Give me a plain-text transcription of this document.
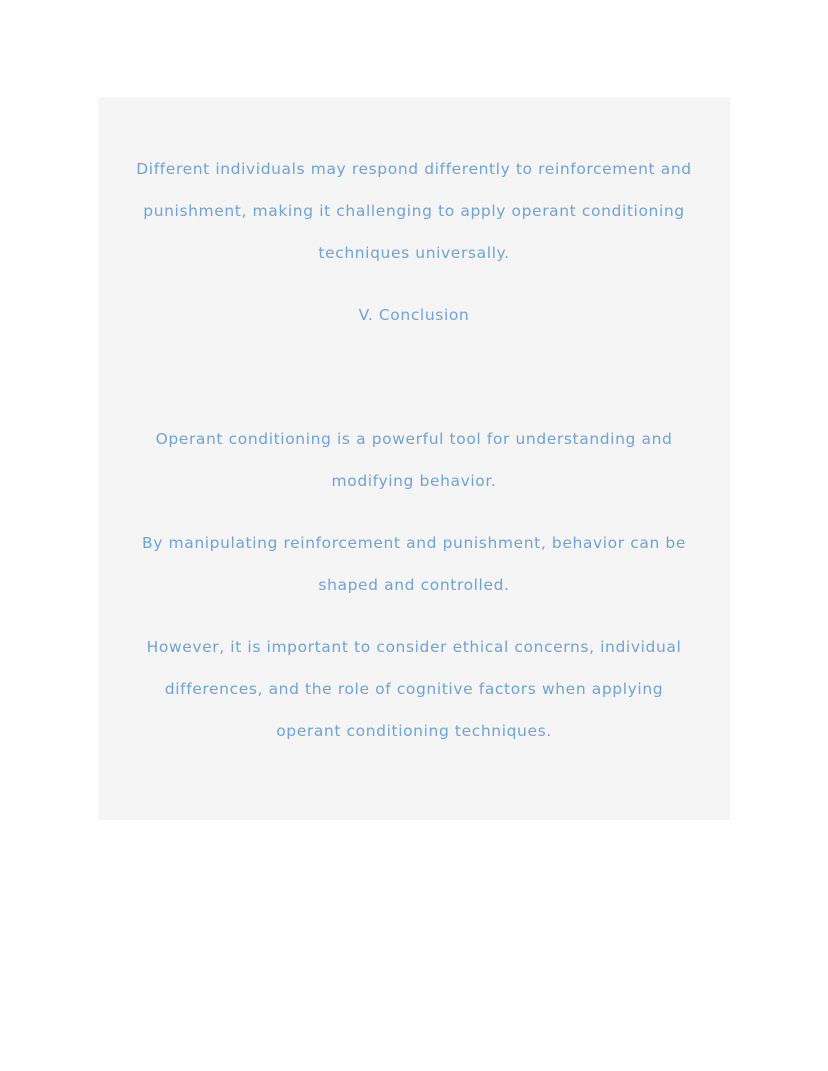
Different individuals may respond differently to reinforcement and
punishment, making it challenging to apply operant conditioning
techniques universally.

V. Conclusion

Operant conditioning is a powerful tool for understanding and
modifying behavior.

By manipulating reinforcement and punishment, behavior can be
shaped and controlled.

However, it is important to consider ethical concerns, individual
differences, and the role of cognitive factors when applying
operant conditioning techniques.
